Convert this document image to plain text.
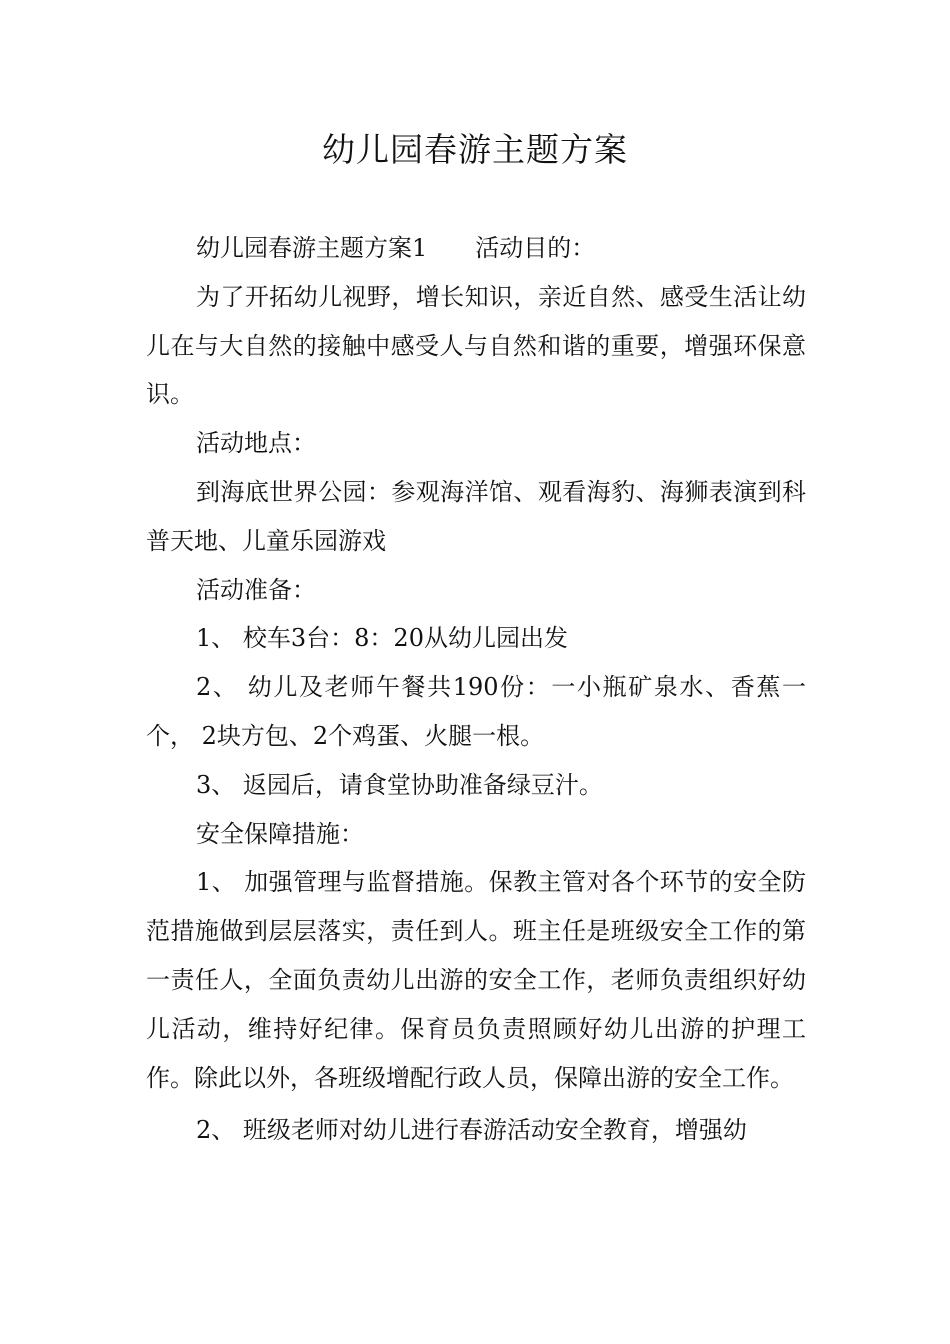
幼儿园春游主题方案

幼儿园春游主题方案1　　活动目的：

为了开拓幼儿视野，增长知识，亲近自然、感受生活让幼儿在与大自然的接触中感受人与自然和谐的重要，增强环保意识。

活动地点：

到海底世界公园：参观海洋馆、观看海豹、海狮表演到科普天地、儿童乐园游戏

活动准备：

1、 校车3台：8：20从幼儿园出发

2、 幼儿及老师午餐共190份：一小瓶矿泉水、香蕉一个， 2块方包、2个鸡蛋、火腿一根。

3、 返园后，请食堂协助准备绿豆汁。

安全保障措施：

1、 加强管理与监督措施。保教主管对各个环节的安全防范措施做到层层落实，责任到人。班主任是班级安全工作的第一责任人，全面负责幼儿出游的安全工作，老师负责组织好幼儿活动，维持好纪律。保育员负责照顾好幼儿出游的护理工作。除此以外，各班级增配行政人员，保障出游的安全工作。

2、 班级老师对幼儿进行春游活动安全教育，增强幼
